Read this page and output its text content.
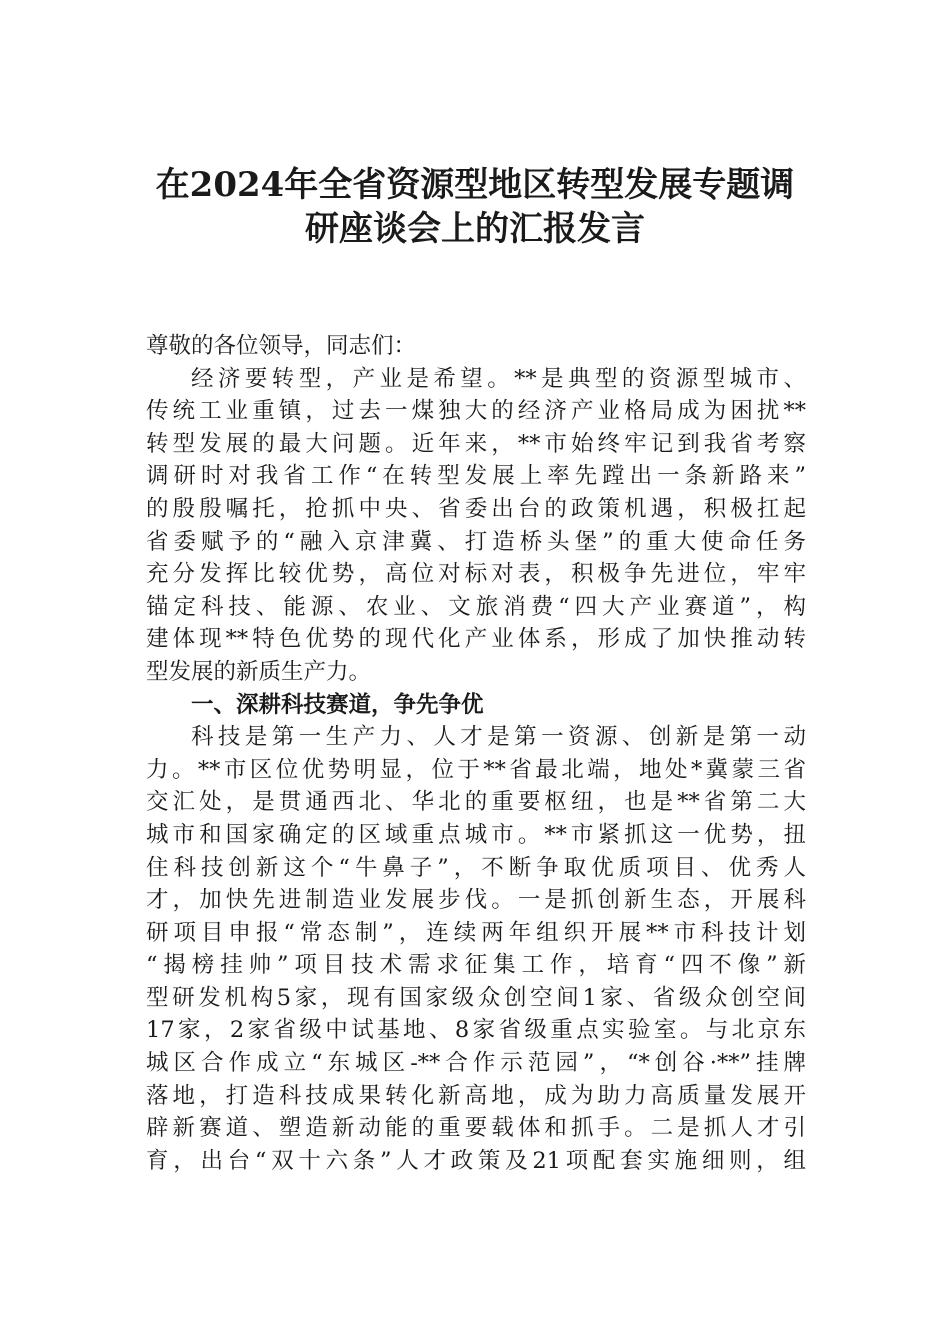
在2024年全省资源型地区转型发展专题调
研座谈会上的汇报发言
尊敬的各位领导，同志们：
经济要转型，产业是希望。**是典型的资源型城市、
传统工业重镇，过去一煤独大的经济产业格局成为困扰**
转型发展的最大问题。近年来，**市始终牢记到我省考察
调研时对我省工作“在转型发展上率先蹚出一条新路来”
的殷殷嘱托，抢抓中央、省委出台的政策机遇，积极扛起
省委赋予的“融入京津冀、打造桥头堡”的重大使命任务
充分发挥比较优势，高位对标对表，积极争先进位，牢牢
锚定科技、能源、农业、文旅消费“四大产业赛道”，构
建体现**特色优势的现代化产业体系，形成了加快推动转
型发展的新质生产力。
一、深耕科技赛道，争先争优
科技是第一生产力、人才是第一资源、创新是第一动
力。**市区位优势明显，位于**省最北端，地处*冀蒙三省
交汇处，是贯通西北、华北的重要枢纽，也是**省第二大
城市和国家确定的区域重点城市。**市紧抓这一优势，扭
住科技创新这个“牛鼻子”，不断争取优质项目、优秀人
才，加快先进制造业发展步伐。一是抓创新生态，开展科
研项目申报“常态制”，连续两年组织开展**市科技计划
“揭榜挂帅”项目技术需求征集工作，培育“四不像”新
型研发机构5家，现有国家级众创空间1家、省级众创空间
17家，2家省级中试基地、8家省级重点实验室。与北京东
城区合作成立“东城区-**合作示范园”，“*创谷·**”挂牌
落地，打造科技成果转化新高地，成为助力高质量发展开
辟新赛道、塑造新动能的重要载体和抓手。二是抓人才引
育，出台“双十六条”人才政策及21项配套实施细则，组
